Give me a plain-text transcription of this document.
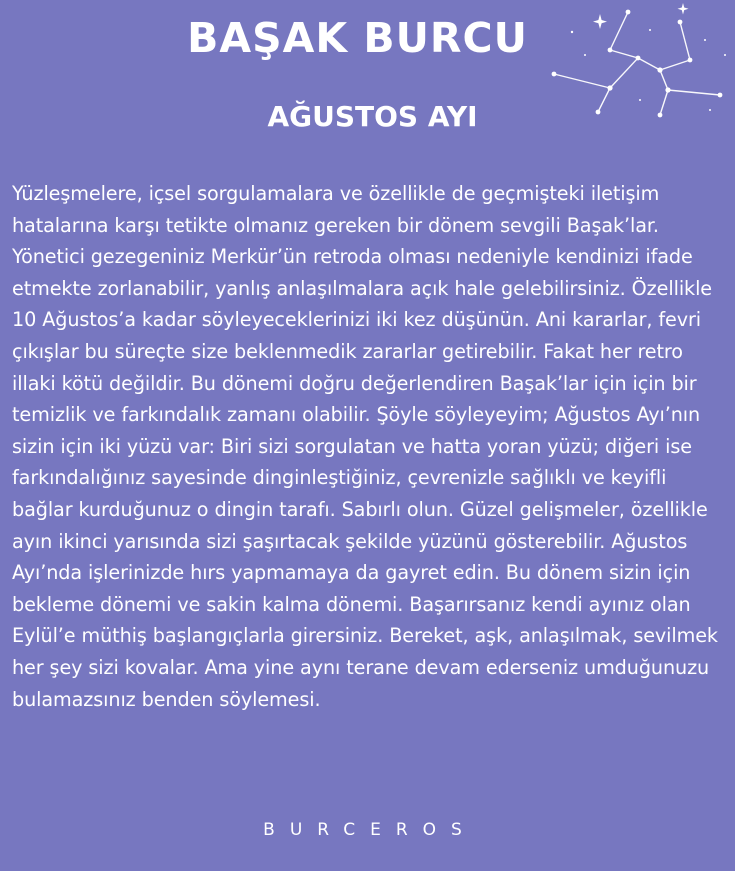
BAŞAK BURCU
AĞUSTOS AYI

Yüzleşmelere, içsel sorgulamalara ve özellikle de geçmişteki iletişim hatalarına karşı tetikte olmanız gereken bir dönem sevgili Başak’lar. Yönetici gezegeniniz Merkür’ün retroda olması nedeniyle kendinizi ifade etmekte zorlanabilir, yanlış anlaşılmalara açık hale gelebilirsiniz. Özellikle 10 Ağustos’a kadar söyleyeceklerinizi iki kez düşünün. Ani kararlar, fevri çıkışlar bu süreçte size beklenmedik zararlar getirebilir. Fakat her retro illaki kötü değildir. Bu dönemi doğru değerlendiren Başak’lar için için bir temizlik ve farkındalık zamanı olabilir. Şöyle söyleyeyim; Ağustos Ayı’nın sizin için iki yüzü var: Biri sizi sorgulatan ve hatta yoran yüzü; diğeri ise farkındalığınız sayesinde dinginleştiğiniz, çevrenizle sağlıklı ve keyifli bağlar kurduğunuz o dingin tarafı. Sabırlı olun. Güzel gelişmeler, özellikle ayın ikinci yarısında sizi şaşırtacak şekilde yüzünü gösterebilir. Ağustos Ayı’nda işlerinizde hırs yapmamaya da gayret edin. Bu dönem sizin için bekleme dönemi ve sakin kalma dönemi. Başarırsanız kendi ayınız olan Eylül’e müthiş başlangıçlarla girersiniz. Bereket, aşk, anlaşılmak, sevilmek her şey sizi kovalar. Ama yine aynı terane devam ederseniz umduğunuzu bulamazsınız benden söylemesi.

BURCEROS
